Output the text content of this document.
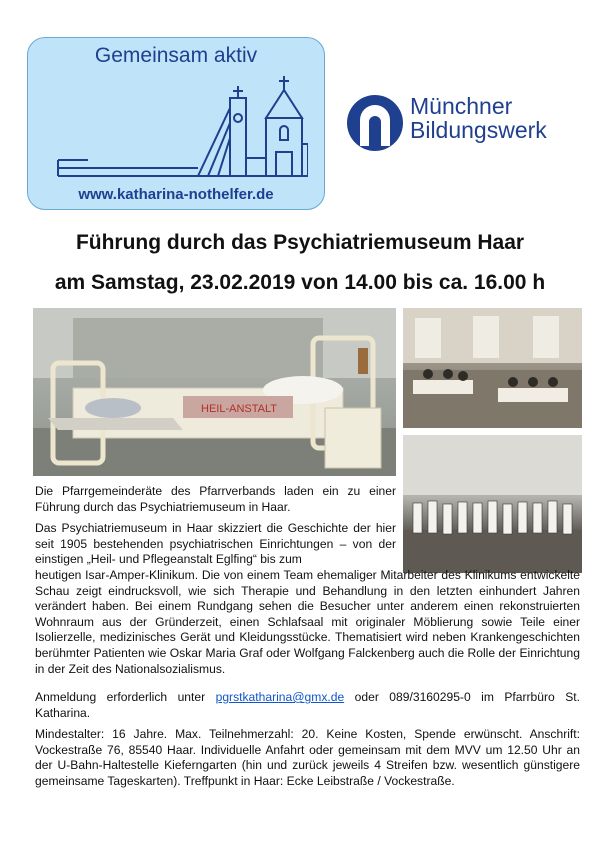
Gemeinsam aktiv
www.katharina-nothelfer.de
Münchner
Bildungswerk
Führung durch das Psychiatriemuseum Haar
am Samstag, 23.02.2019 von 14.00 bis ca. 16.00 h
HEIL-ANSTALT

Die Pfarrgemeinderäte des Pfarrverbands laden ein zu einer Führung durch das Psychiatriemuseum in Haar.

Das Psychiatriemuseum in Haar skizziert die Geschichte der hier seit 1905 bestehenden psychiatrischen Einrichtungen – von der einstigen „Heil- und Pflegeanstalt Eglfing“ bis zum

heutigen Isar-Amper-Klinikum. Die von einem Team ehemaliger Mitarbeiter des Klinikums entwickelte Schau zeigt eindrucksvoll, wie sich Therapie und Behandlung in den letzten einhundert Jahren verändert haben. Bei einem Rundgang sehen die Besucher unter anderem einen rekonstruierten Wohnraum aus der Gründerzeit, einen Schlafsaal mit originaler Möblierung sowie Teile einer Isolierzelle, medizinisches Gerät und Kleidungsstücke. Thematisiert wird neben Krankengeschichten berühmter Patienten wie Oskar Maria Graf oder Wolfgang Falckenberg auch die Rolle der Einrichtung in der Zeit des Nationalsozialismus.

Anmeldung erforderlich unter pgrstkatharina@gmx.de oder 089/3160295-0 im Pfarrbüro St. Katharina.

Mindestalter: 16 Jahre. Max. Teilnehmerzahl: 20. Keine Kosten, Spende erwünscht. Anschrift: Vockestraße 76, 85540 Haar. Individuelle Anfahrt oder gemeinsam mit dem MVV um 12.50 Uhr an der U-Bahn-Haltestelle Kieferngarten (hin und zurück jeweils 4 Streifen bzw. wesentlich günstigere gemeinsame Tageskarten). Treffpunkt in Haar: Ecke Leibstraße / Vockestraße.
